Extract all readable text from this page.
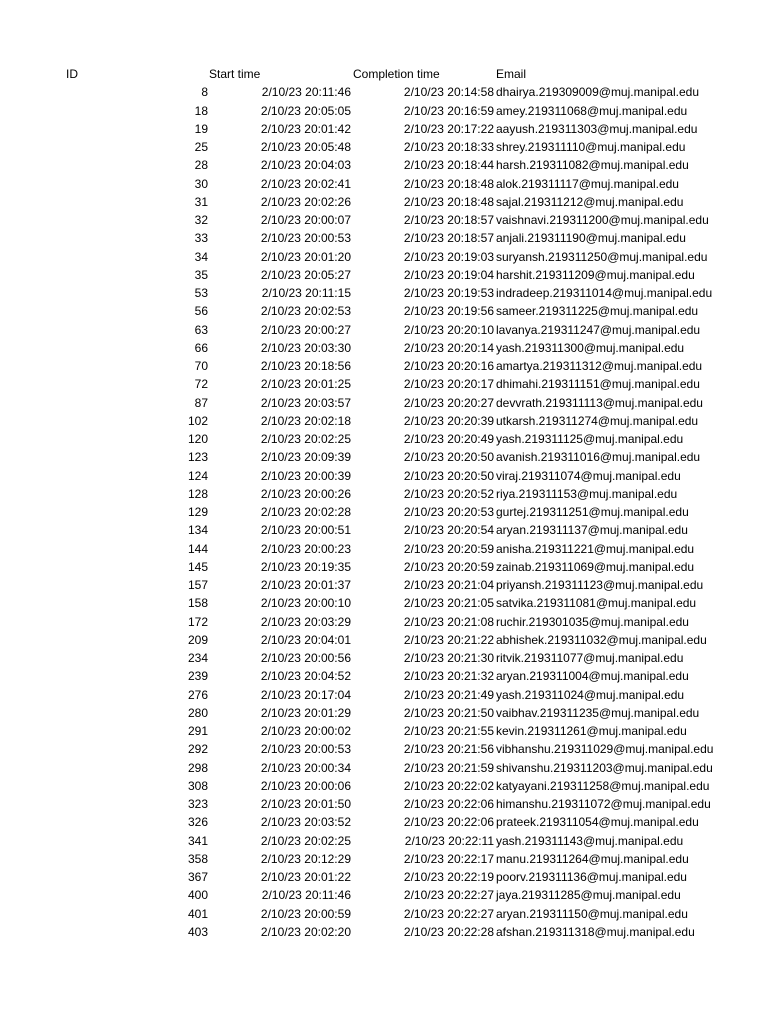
ID	Start time	Completion time	Email
8	2/10/23 20:11:46	2/10/23 20:14:58 dhairya.219309009@muj.manipal.edu
18	2/10/23 20:05:05	2/10/23 20:16:59 amey.219311068@muj.manipal.edu
19	2/10/23 20:01:42	2/10/23 20:17:22 aayush.219311303@muj.manipal.edu
25	2/10/23 20:05:48	2/10/23 20:18:33 shrey.219311110@muj.manipal.edu
28	2/10/23 20:04:03	2/10/23 20:18:44 harsh.219311082@muj.manipal.edu
30	2/10/23 20:02:41	2/10/23 20:18:48 alok.219311117@muj.manipal.edu
31	2/10/23 20:02:26	2/10/23 20:18:48 sajal.219311212@muj.manipal.edu
32	2/10/23 20:00:07	2/10/23 20:18:57 vaishnavi.219311200@muj.manipal.edu
33	2/10/23 20:00:53	2/10/23 20:18:57 anjali.219311190@muj.manipal.edu
34	2/10/23 20:01:20	2/10/23 20:19:03 suryansh.219311250@muj.manipal.edu
35	2/10/23 20:05:27	2/10/23 20:19:04 harshit.219311209@muj.manipal.edu
53	2/10/23 20:11:15	2/10/23 20:19:53 indradeep.219311014@muj.manipal.edu
56	2/10/23 20:02:53	2/10/23 20:19:56 sameer.219311225@muj.manipal.edu
63	2/10/23 20:00:27	2/10/23 20:20:10 lavanya.219311247@muj.manipal.edu
66	2/10/23 20:03:30	2/10/23 20:20:14 yash.219311300@muj.manipal.edu
70	2/10/23 20:18:56	2/10/23 20:20:16 amartya.219311312@muj.manipal.edu
72	2/10/23 20:01:25	2/10/23 20:20:17 dhimahi.219311151@muj.manipal.edu
87	2/10/23 20:03:57	2/10/23 20:20:27 devvrath.219311113@muj.manipal.edu
102	2/10/23 20:02:18	2/10/23 20:20:39 utkarsh.219311274@muj.manipal.edu
120	2/10/23 20:02:25	2/10/23 20:20:49 yash.219311125@muj.manipal.edu
123	2/10/23 20:09:39	2/10/23 20:20:50 avanish.219311016@muj.manipal.edu
124	2/10/23 20:00:39	2/10/23 20:20:50 viraj.219311074@muj.manipal.edu
128	2/10/23 20:00:26	2/10/23 20:20:52 riya.219311153@muj.manipal.edu
129	2/10/23 20:02:28	2/10/23 20:20:53 gurtej.219311251@muj.manipal.edu
134	2/10/23 20:00:51	2/10/23 20:20:54 aryan.219311137@muj.manipal.edu
144	2/10/23 20:00:23	2/10/23 20:20:59 anisha.219311221@muj.manipal.edu
145	2/10/23 20:19:35	2/10/23 20:20:59 zainab.219311069@muj.manipal.edu
157	2/10/23 20:01:37	2/10/23 20:21:04 priyansh.219311123@muj.manipal.edu
158	2/10/23 20:00:10	2/10/23 20:21:05 satvika.219311081@muj.manipal.edu
172	2/10/23 20:03:29	2/10/23 20:21:08 ruchir.219301035@muj.manipal.edu
209	2/10/23 20:04:01	2/10/23 20:21:22 abhishek.219311032@muj.manipal.edu
234	2/10/23 20:00:56	2/10/23 20:21:30 ritvik.219311077@muj.manipal.edu
239	2/10/23 20:04:52	2/10/23 20:21:32 aryan.219311004@muj.manipal.edu
276	2/10/23 20:17:04	2/10/23 20:21:49 yash.219311024@muj.manipal.edu
280	2/10/23 20:01:29	2/10/23 20:21:50 vaibhav.219311235@muj.manipal.edu
291	2/10/23 20:00:02	2/10/23 20:21:55 kevin.219311261@muj.manipal.edu
292	2/10/23 20:00:53	2/10/23 20:21:56 vibhanshu.219311029@muj.manipal.edu
298	2/10/23 20:00:34	2/10/23 20:21:59 shivanshu.219311203@muj.manipal.edu
308	2/10/23 20:00:06	2/10/23 20:22:02 katyayani.219311258@muj.manipal.edu
323	2/10/23 20:01:50	2/10/23 20:22:06 himanshu.219311072@muj.manipal.edu
326	2/10/23 20:03:52	2/10/23 20:22:06 prateek.219311054@muj.manipal.edu
341	2/10/23 20:02:25	2/10/23 20:22:11 yash.219311143@muj.manipal.edu
358	2/10/23 20:12:29	2/10/23 20:22:17 manu.219311264@muj.manipal.edu
367	2/10/23 20:01:22	2/10/23 20:22:19 poorv.219311136@muj.manipal.edu
400	2/10/23 20:11:46	2/10/23 20:22:27 jaya.219311285@muj.manipal.edu
401	2/10/23 20:00:59	2/10/23 20:22:27 aryan.219311150@muj.manipal.edu
403	2/10/23 20:02:20	2/10/23 20:22:28 afshan.219311318@muj.manipal.edu
